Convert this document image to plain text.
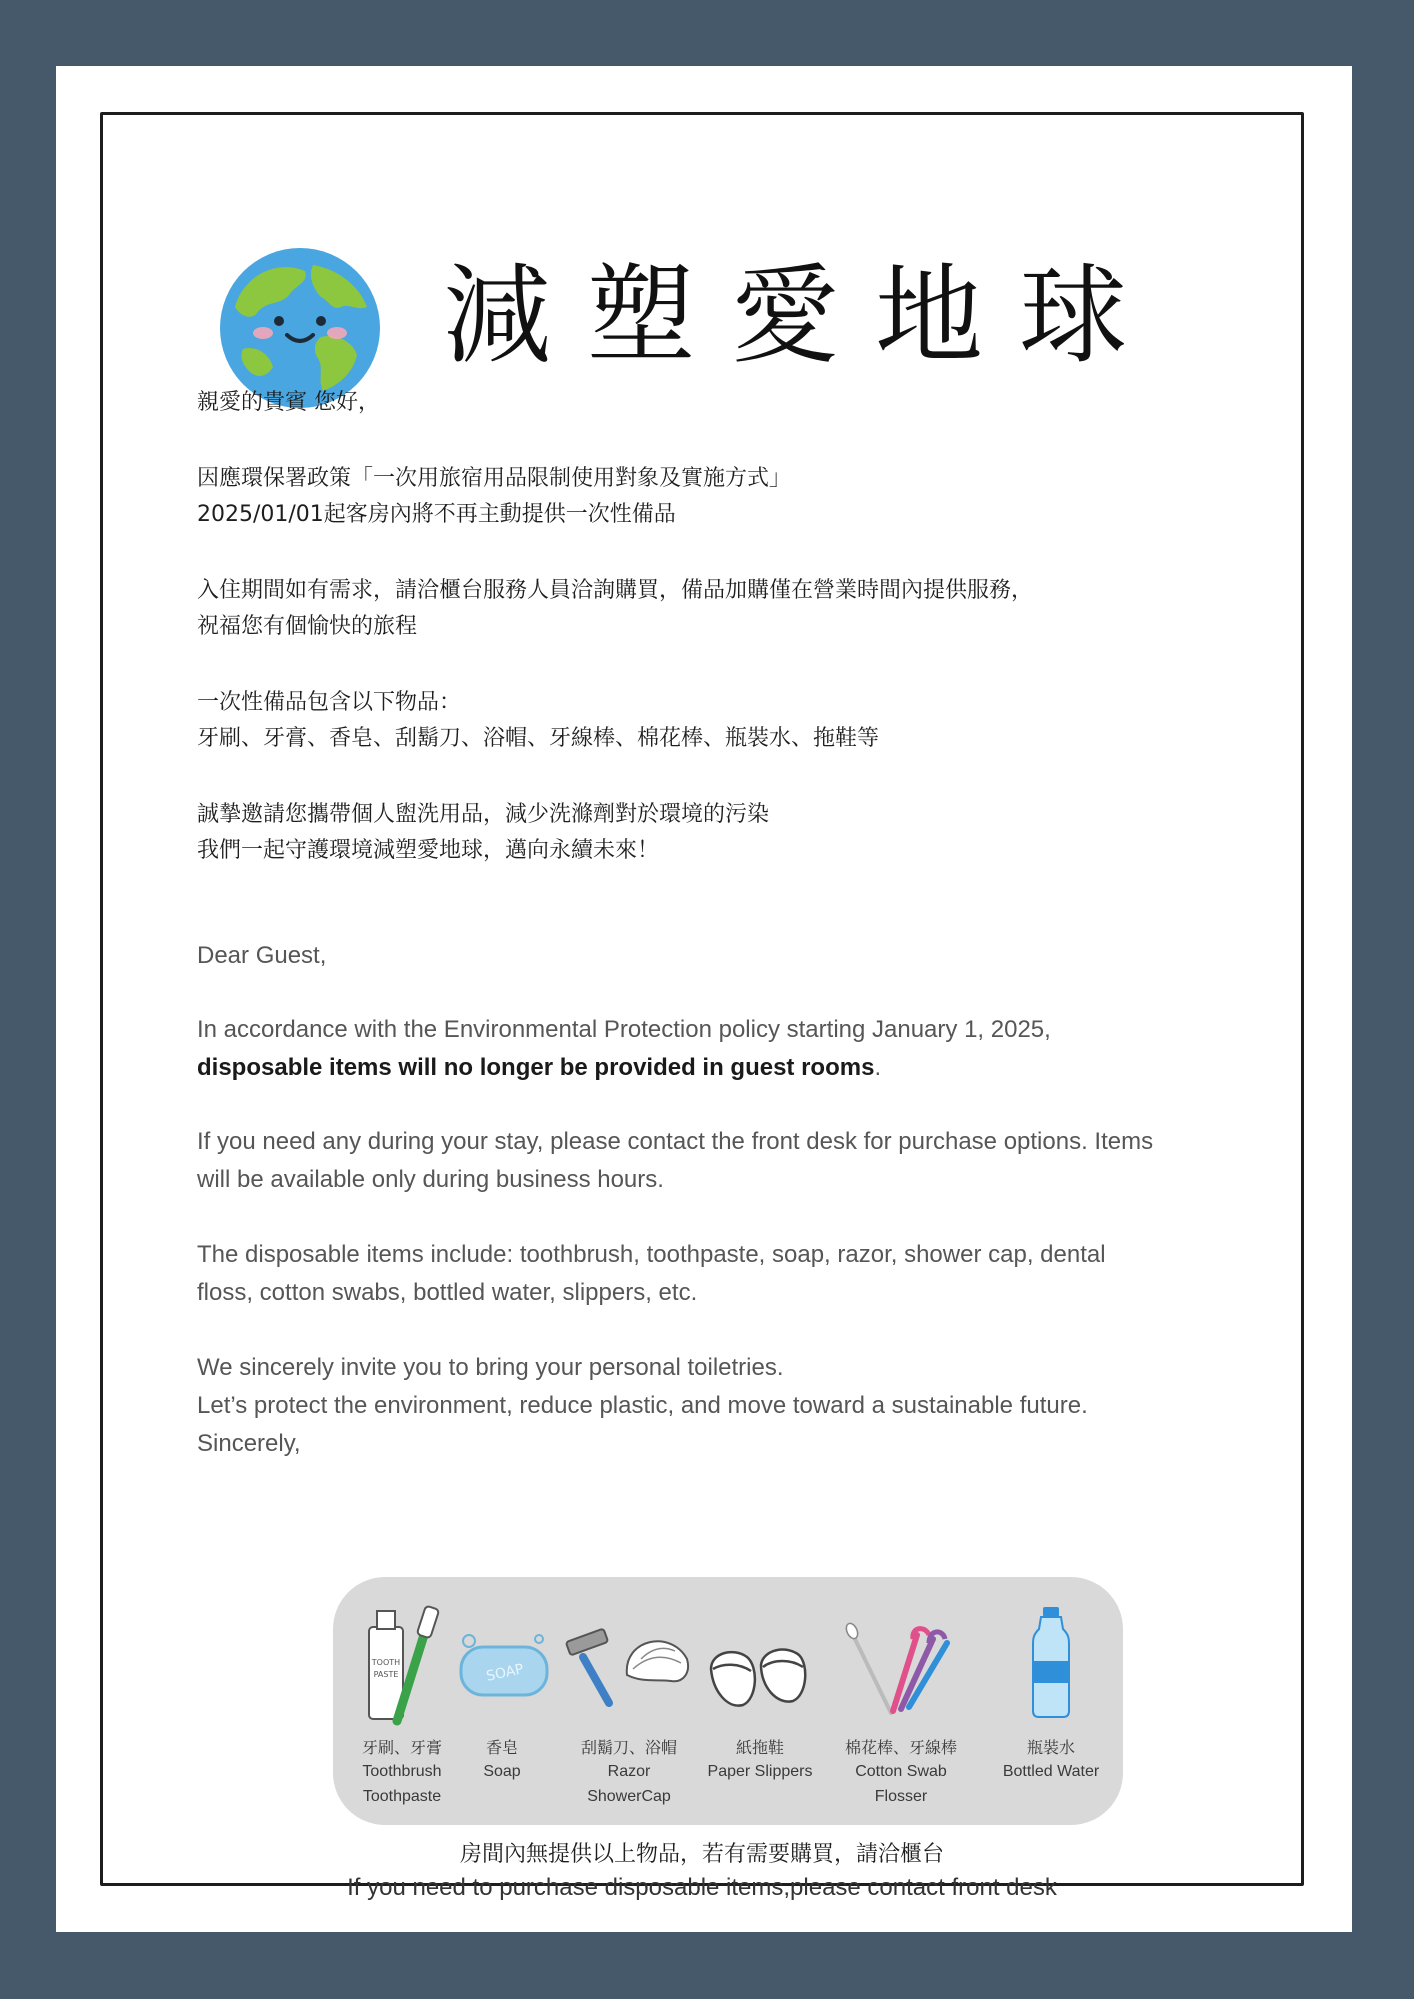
減塑愛地球

親愛的貴賓 您好，

因應環保署政策「一次用旅宿用品限制使用對象及實施方式」

2025/01/01起客房內將不再主動提供一次性備品

入住期間如有需求，請洽櫃台服務人員洽詢購買，備品加購僅在營業時間內提供服務，

祝福您有個愉快的旅程

一次性備品包含以下物品：

牙刷、牙膏、香皂、刮鬍刀、浴帽、牙線棒、棉花棒、瓶裝水、拖鞋等

誠摯邀請您攜帶個人盥洗用品，減少洗滌劑對於環境的污染

我們一起守護環境減塑愛地球，邁向永續未來！

Dear Guest,

In accordance with the Environmental Protection policy starting January 1, 2025,

disposable items will no longer be provided in guest rooms.

If you need any during your stay, please contact the front desk for purchase options. Items

will be available only during business hours.

The disposable items include: toothbrush, toothpaste, soap, razor, shower cap, dental

floss, cotton swabs, bottled water, slippers, etc.

We sincerely invite you to bring your personal toiletries.

Let’s protect the environment, reduce plastic, and move toward a sustainable future.

Sincerely,

TOOTH
PASTE
牙刷、牙膏
Toothbrush
Toothpaste
SOAP
香皂
Soap
刮鬍刀、浴帽
Razor
ShowerCap
紙拖鞋
Paper Slippers
棉花棒、牙線棒
Cotton Swab
Flosser
瓶裝水
Bottled Water

房間內無提供以上物品，若有需要購買，請洽櫃台

If you need to purchase disposable items,please contact front desk
